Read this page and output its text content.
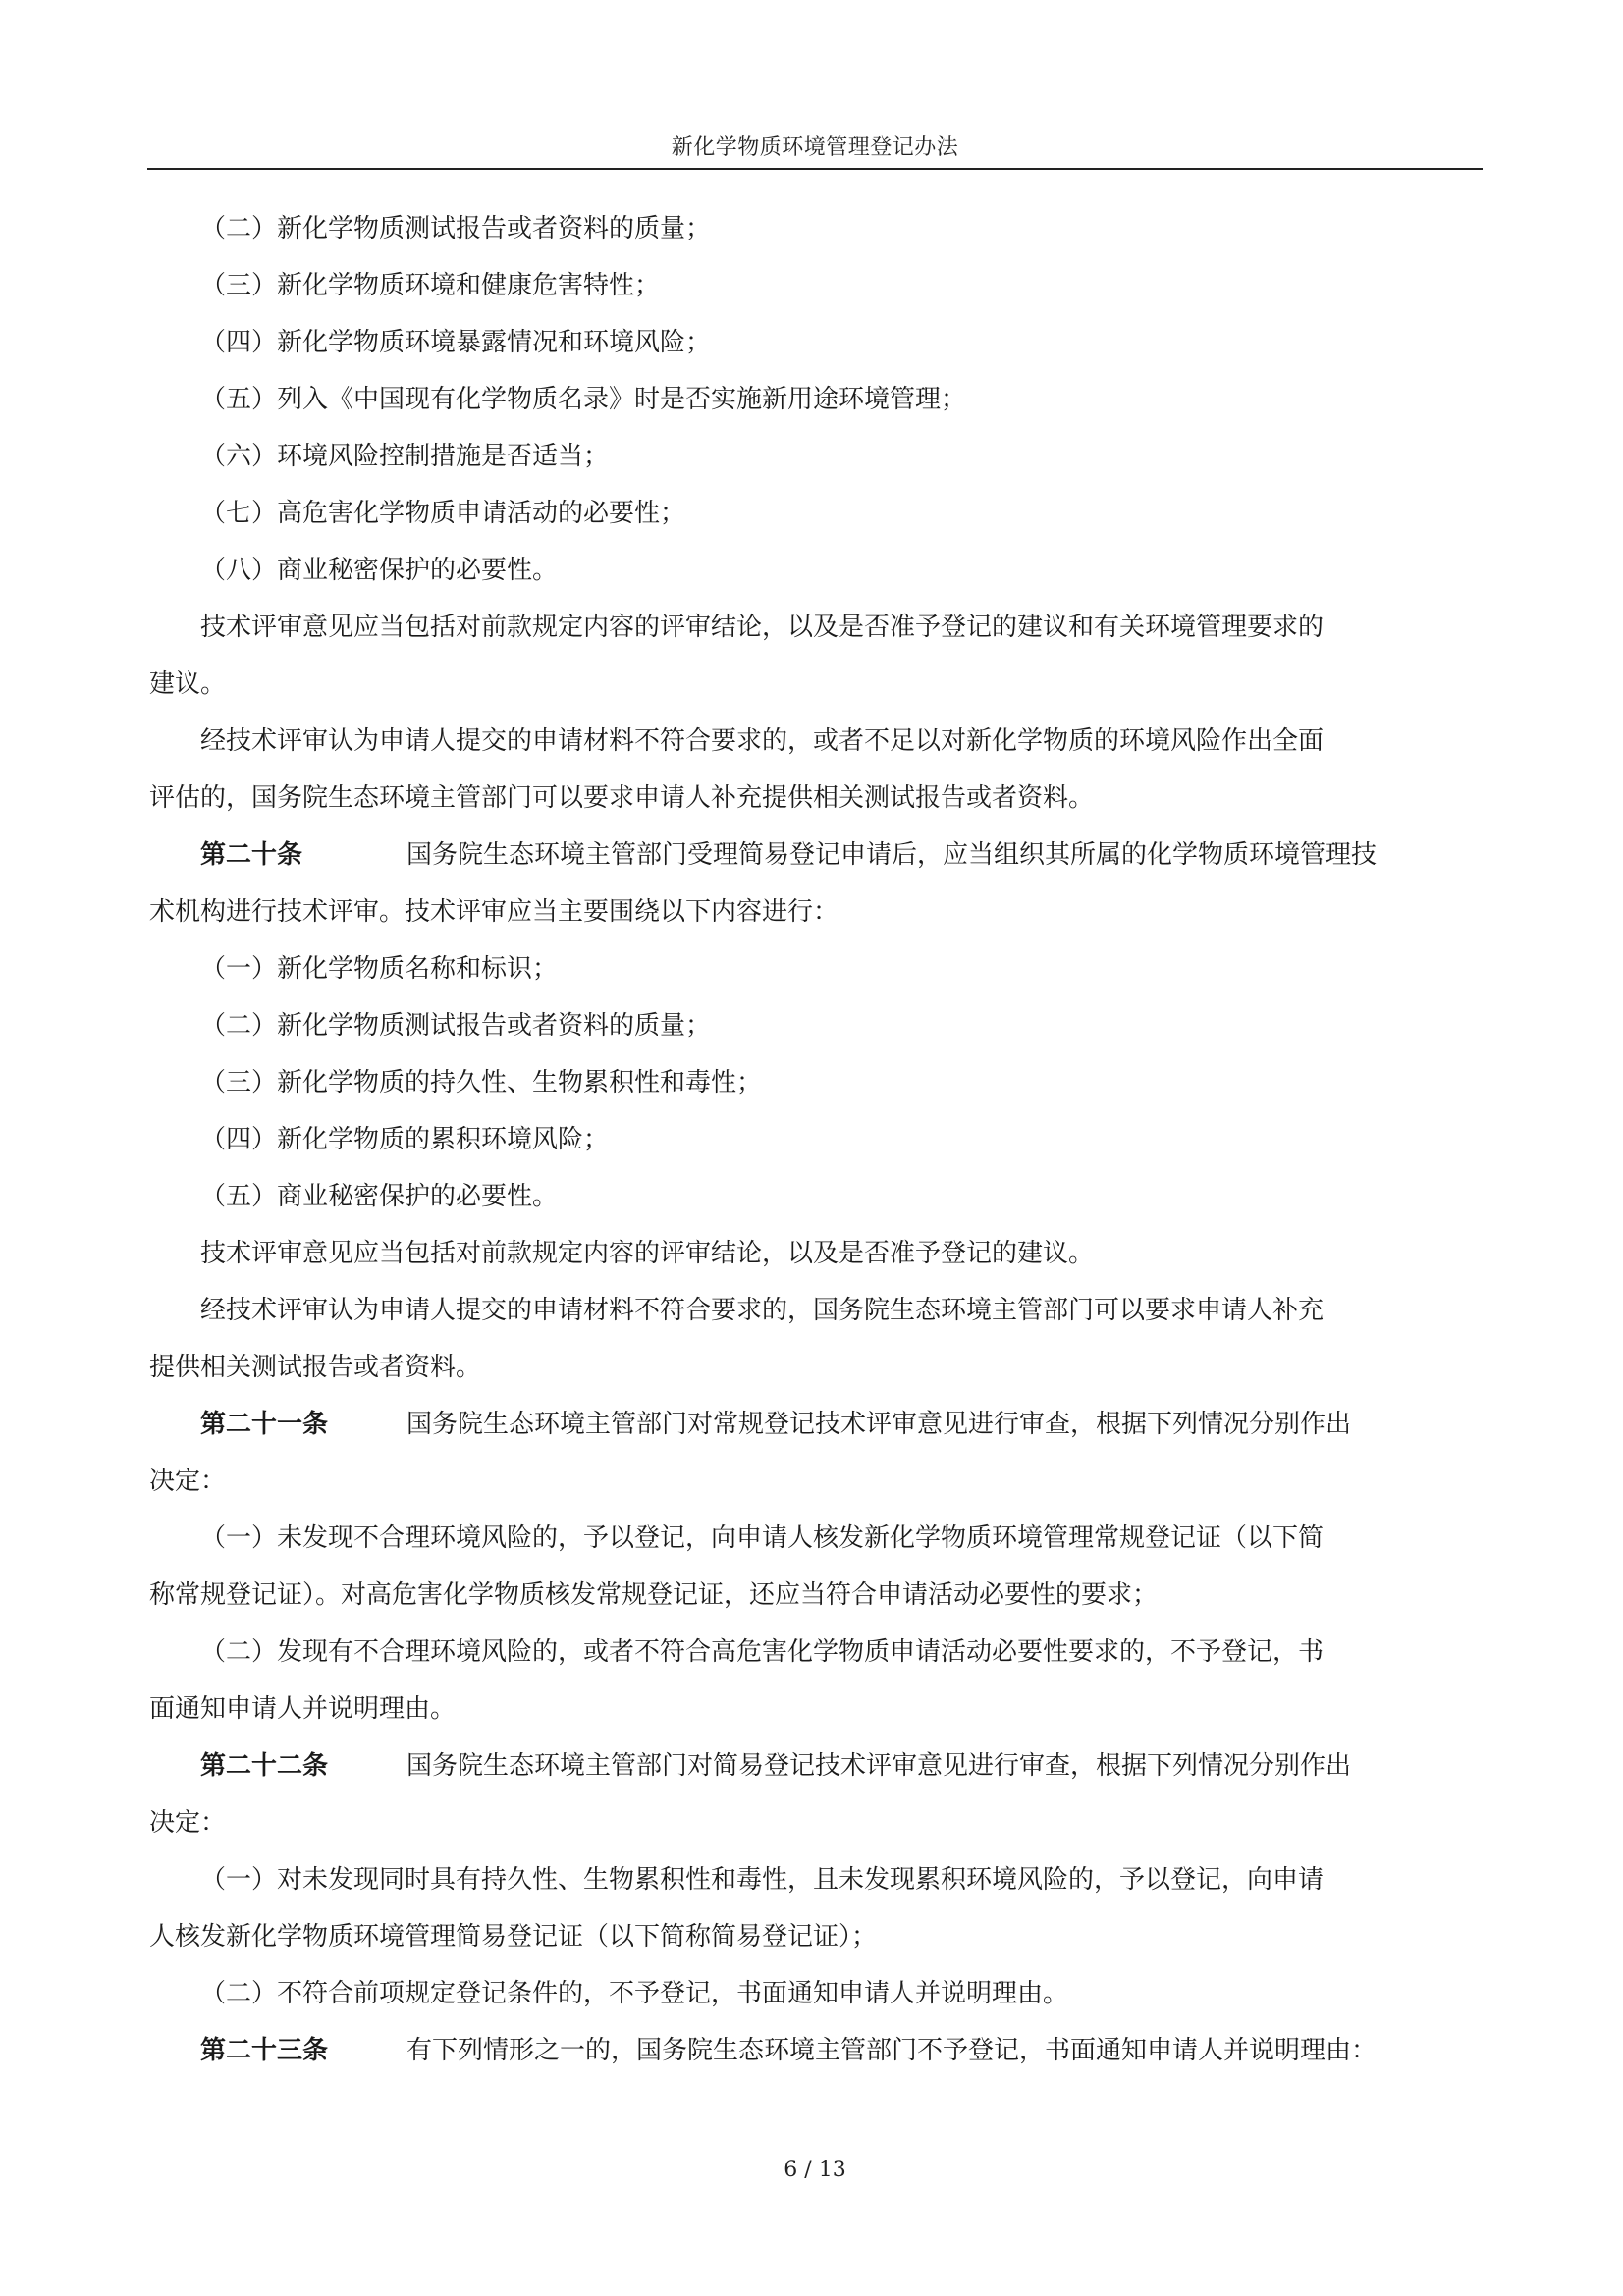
新化学物质环境管理登记办法
（二）新化学物质测试报告或者资料的质量；
（三）新化学物质环境和健康危害特性；
（四）新化学物质环境暴露情况和环境风险；
（五）列入《中国现有化学物质名录》时是否实施新用途环境管理；
（六）环境风险控制措施是否适当；
（七）高危害化学物质申请活动的必要性；
（八）商业秘密保护的必要性。
技术评审意见应当包括对前款规定内容的评审结论，以及是否准予登记的建议和有关环境管理要求的
建议。
经技术评审认为申请人提交的申请材料不符合要求的，或者不足以对新化学物质的环境风险作出全面
评估的，国务院生态环境主管部门可以要求申请人补充提供相关测试报告或者资料。
第二十条	国务院生态环境主管部门受理简易登记申请后，应当组织其所属的化学物质环境管理技
术机构进行技术评审。技术评审应当主要围绕以下内容进行：
（一）新化学物质名称和标识；
（二）新化学物质测试报告或者资料的质量；
（三）新化学物质的持久性、生物累积性和毒性；
（四）新化学物质的累积环境风险；
（五）商业秘密保护的必要性。
技术评审意见应当包括对前款规定内容的评审结论，以及是否准予登记的建议。
经技术评审认为申请人提交的申请材料不符合要求的，国务院生态环境主管部门可以要求申请人补充
提供相关测试报告或者资料。
第二十一条	国务院生态环境主管部门对常规登记技术评审意见进行审查，根据下列情况分别作出
决定：
（一）未发现不合理环境风险的，予以登记，向申请人核发新化学物质环境管理常规登记证（以下简
称常规登记证）。对高危害化学物质核发常规登记证，还应当符合申请活动必要性的要求；
（二）发现有不合理环境风险的，或者不符合高危害化学物质申请活动必要性要求的，不予登记，书
面通知申请人并说明理由。
第二十二条	国务院生态环境主管部门对简易登记技术评审意见进行审查，根据下列情况分别作出
决定：
（一）对未发现同时具有持久性、生物累积性和毒性，且未发现累积环境风险的，予以登记，向申请
人核发新化学物质环境管理简易登记证（以下简称简易登记证）；
（二）不符合前项规定登记条件的，不予登记，书面通知申请人并说明理由。
第二十三条	有下列情形之一的，国务院生态环境主管部门不予登记，书面通知申请人并说明理由：
6 / 13
